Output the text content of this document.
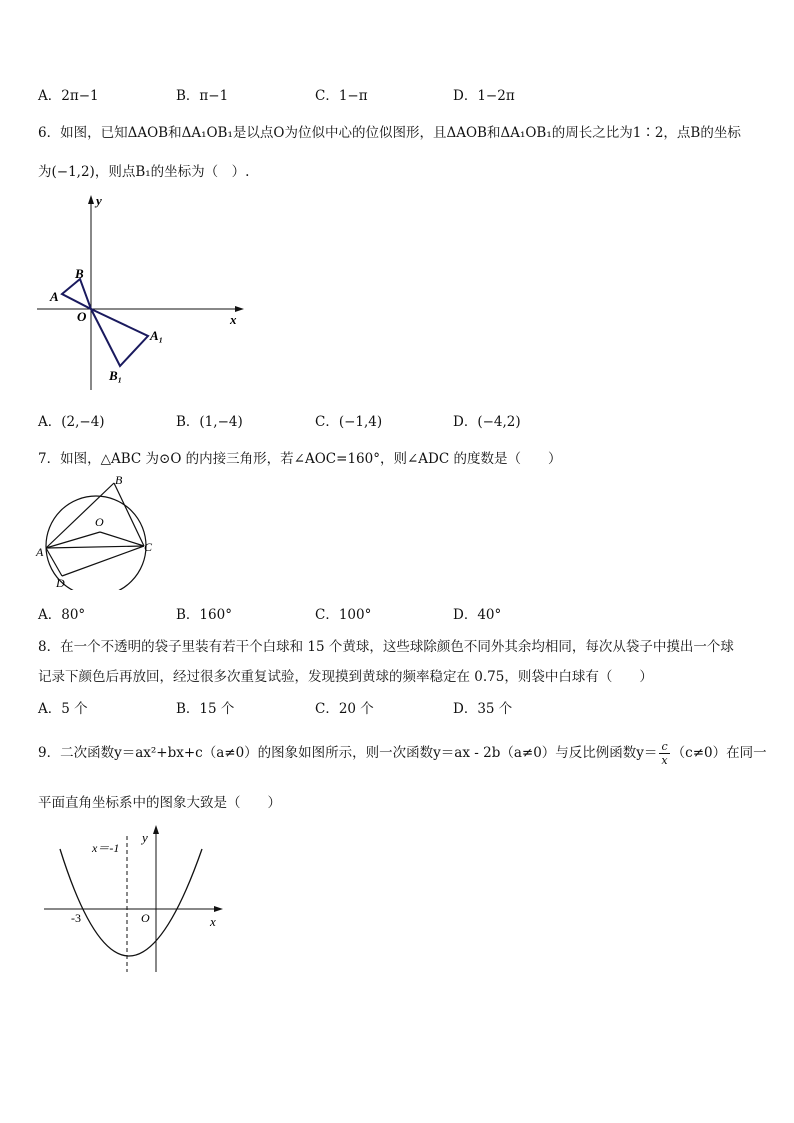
A．2π−1	B．π−1	C．1−π	D．1−2π
6．如图，已知ΔAOB和ΔA₁OB₁是以点O为位似中心的位似图形，且ΔAOB和ΔA₁OB₁的周长之比为1∶2，点B的坐标
为(−1,2)，则点B₁的坐标为（　）.
y
x
B
A
O
A₁
B₁
A．(2,−4)	B．(1,−4)	C．(−1,4)	D．(−4,2)
7．如图，△ABC 为⊙O 的内接三角形，若∠AOC=160°，则∠ADC 的度数是（　　）
B
O
A	C
D
A．80°	B．160°	C．100°	D．40°
8．在一个不透明的袋子里装有若干个白球和 15 个黄球，这些球除颜色不同外其余均相同，每次从袋子中摸出一个球
记录下颜色后再放回，经过很多次重复试验，发现摸到黄球的频率稳定在 0.75，则袋中白球有（　　）
A．5 个	B．15 个	C．20 个	D．35 个
9．二次函数y＝ax²+bx+c（a≠0）的图象如图所示，则一次函数y＝ax - 2b（a≠0）与反比例函数$y= \frac{c}{x} (c\ne 0)$在同一
平面直角坐标系中的图象大致是（　　）
y
x＝-1
-3	O	x
